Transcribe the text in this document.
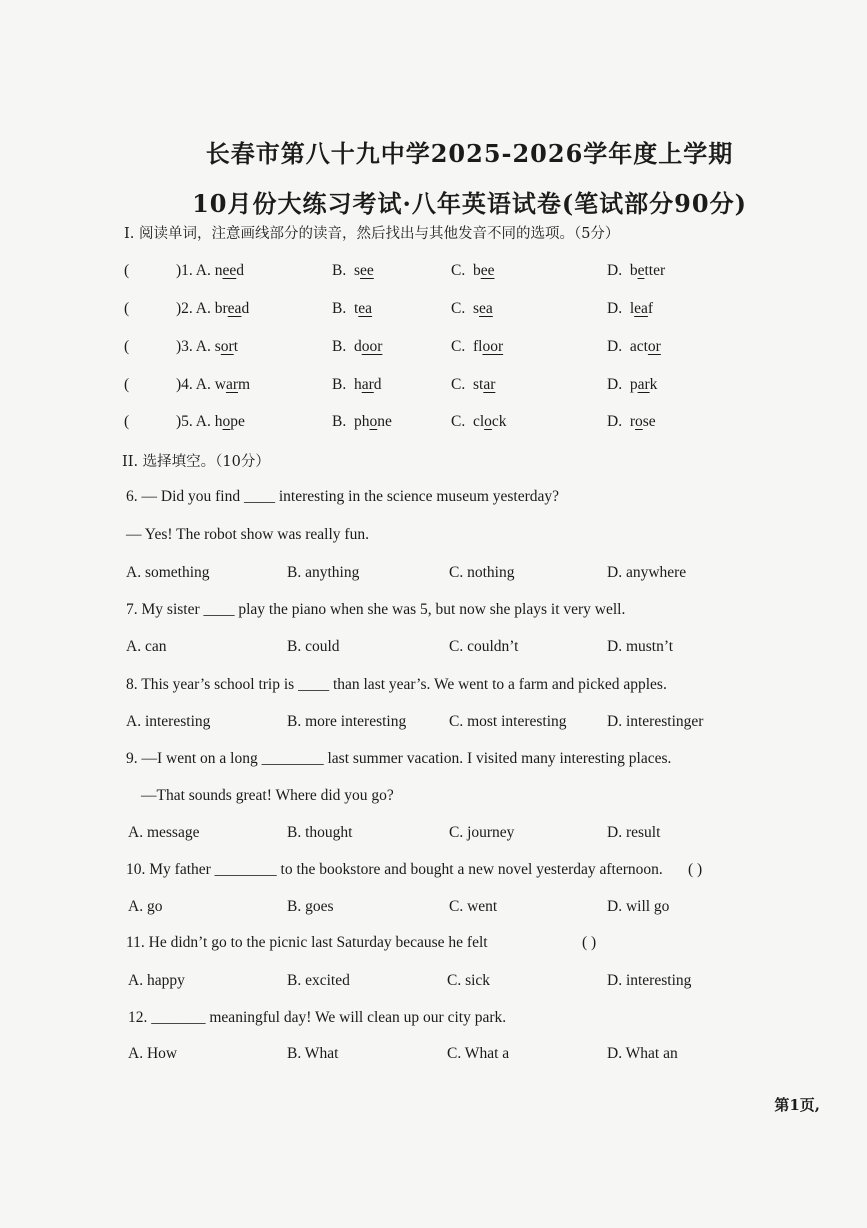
长春市第八十九中学2025-2026学年度上学期
10月份大练习考试·八年英语试卷(笔试部分90分)
I. 阅读单词，注意画线部分的读音，然后找出与其他发音不同的选项。（5分）
(	)1. A. need	B.  see	C.  bee	D.  better
(	)2. A. bread	B.  tea	C.  sea	D.  leaf
(	)3. A. sort	B.  door	C.  floor	D.  actor
(	)4. A. warm	B.  hard	C.  star	D.  park
(	)5. A. hope	B.  phone	C.  clock	D.  rose
II. 选择填空。（10分）
6. — Did you find ____ interesting in the science museum yesterday?
— Yes! The robot show was really fun.
A. something	B. anything	C. nothing	D. anywhere
7. My sister ____ play the piano when she was 5, but now she plays it very well.
A. can	B. could	C. couldn’t	D. mustn’t
8. This year’s school trip is ____ than last year’s. We went to a farm and picked apples.
A. interesting	B. more interesting	C. most interesting	D. interestinger
9. —I went on a long ________ last summer vacation. I visited many interesting places.
—That sounds great! Where did you go?
A. message	B. thought	C. journey	D. result
10. My father ________ to the bookstore and bought a new novel yesterday afternoon. ( )
A. go	B. goes	C. went	D. will go
11. He didn’t go to the picnic last Saturday because he felt	( )
A. happy	B. excited	C. sick	D. interesting
12. _______ meaningful day! We will clean up our city park.
A. How	B. What	C. What a	D. What an
第1页,
